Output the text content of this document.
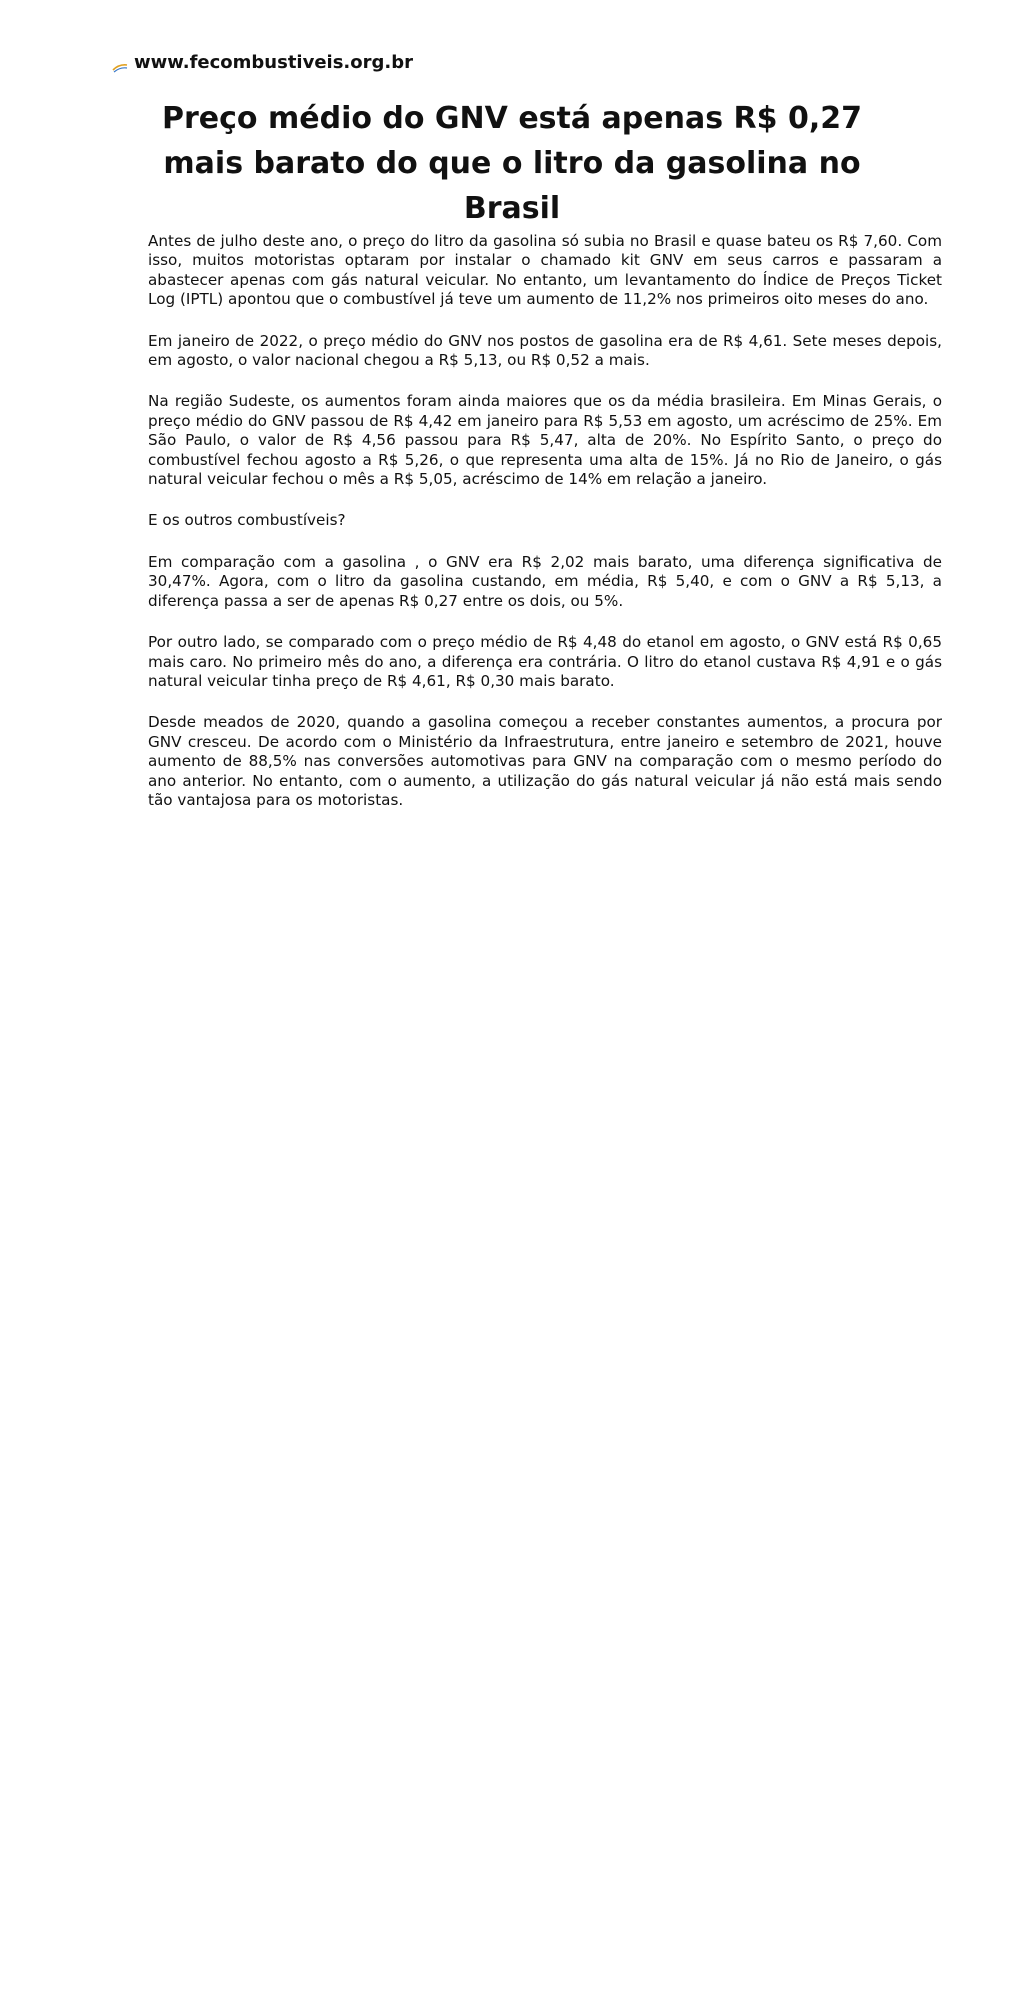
www.fecombustiveis.org.br
Preço médio do GNV está apenas R$ 0,27 mais barato do que o litro da gasolina no Brasil

Antes de julho deste ano, o preço do litro da gasolina só subia no Brasil e quase bateu os R$ 7,60. Com isso, muitos motoristas optaram por instalar o chamado kit GNV em seus carros e passaram a abastecer apenas com gás natural veicular. No entanto, um levantamento do Índice de Preços Ticket Log (IPTL) apontou que o combustível já teve um aumento de 11,2% nos primeiros oito meses do ano.

Em janeiro de 2022, o preço médio do GNV nos postos de gasolina era de R$ 4,61. Sete meses depois, em agosto, o valor nacional chegou a R$ 5,13, ou R$ 0,52 a mais.

Na região Sudeste, os aumentos foram ainda maiores que os da média brasileira. Em Minas Gerais, o preço médio do GNV passou de R$ 4,42 em janeiro para R$ 5,53 em agosto, um acréscimo de 25%. Em São Paulo, o valor de R$ 4,56 passou para R$ 5,47, alta de 20%. No Espírito Santo, o preço do combustível fechou agosto a R$ 5,26, o que representa uma alta de 15%. Já no Rio de Janeiro, o gás natural veicular fechou o mês a R$ 5,05, acréscimo de 14% em relação a janeiro.

E os outros combustíveis?

Em comparação com a gasolina , o GNV era R$ 2,02 mais barato, uma diferença significativa de 30,47%. Agora, com o litro da gasolina custando, em média, R$ 5,40, e com o GNV a R$ 5,13, a diferença passa a ser de apenas R$ 0,27 entre os dois, ou 5%.

Por outro lado, se comparado com o preço médio de R$ 4,48 do etanol em agosto, o GNV está R$ 0,65 mais caro. No primeiro mês do ano, a diferença era contrária. O litro do etanol custava R$ 4,91 e o gás natural veicular tinha preço de R$ 4,61, R$ 0,30 mais barato.

Desde meados de 2020, quando a gasolina começou a receber constantes aumentos, a procura por GNV cresceu. De acordo com o Ministério da Infraestrutura, entre janeiro e setembro de 2021, houve aumento de 88,5% nas conversões automotivas para GNV na comparação com o mesmo período do ano anterior. No entanto, com o aumento, a utilização do gás natural veicular já não está mais sendo tão vantajosa para os motoristas.
